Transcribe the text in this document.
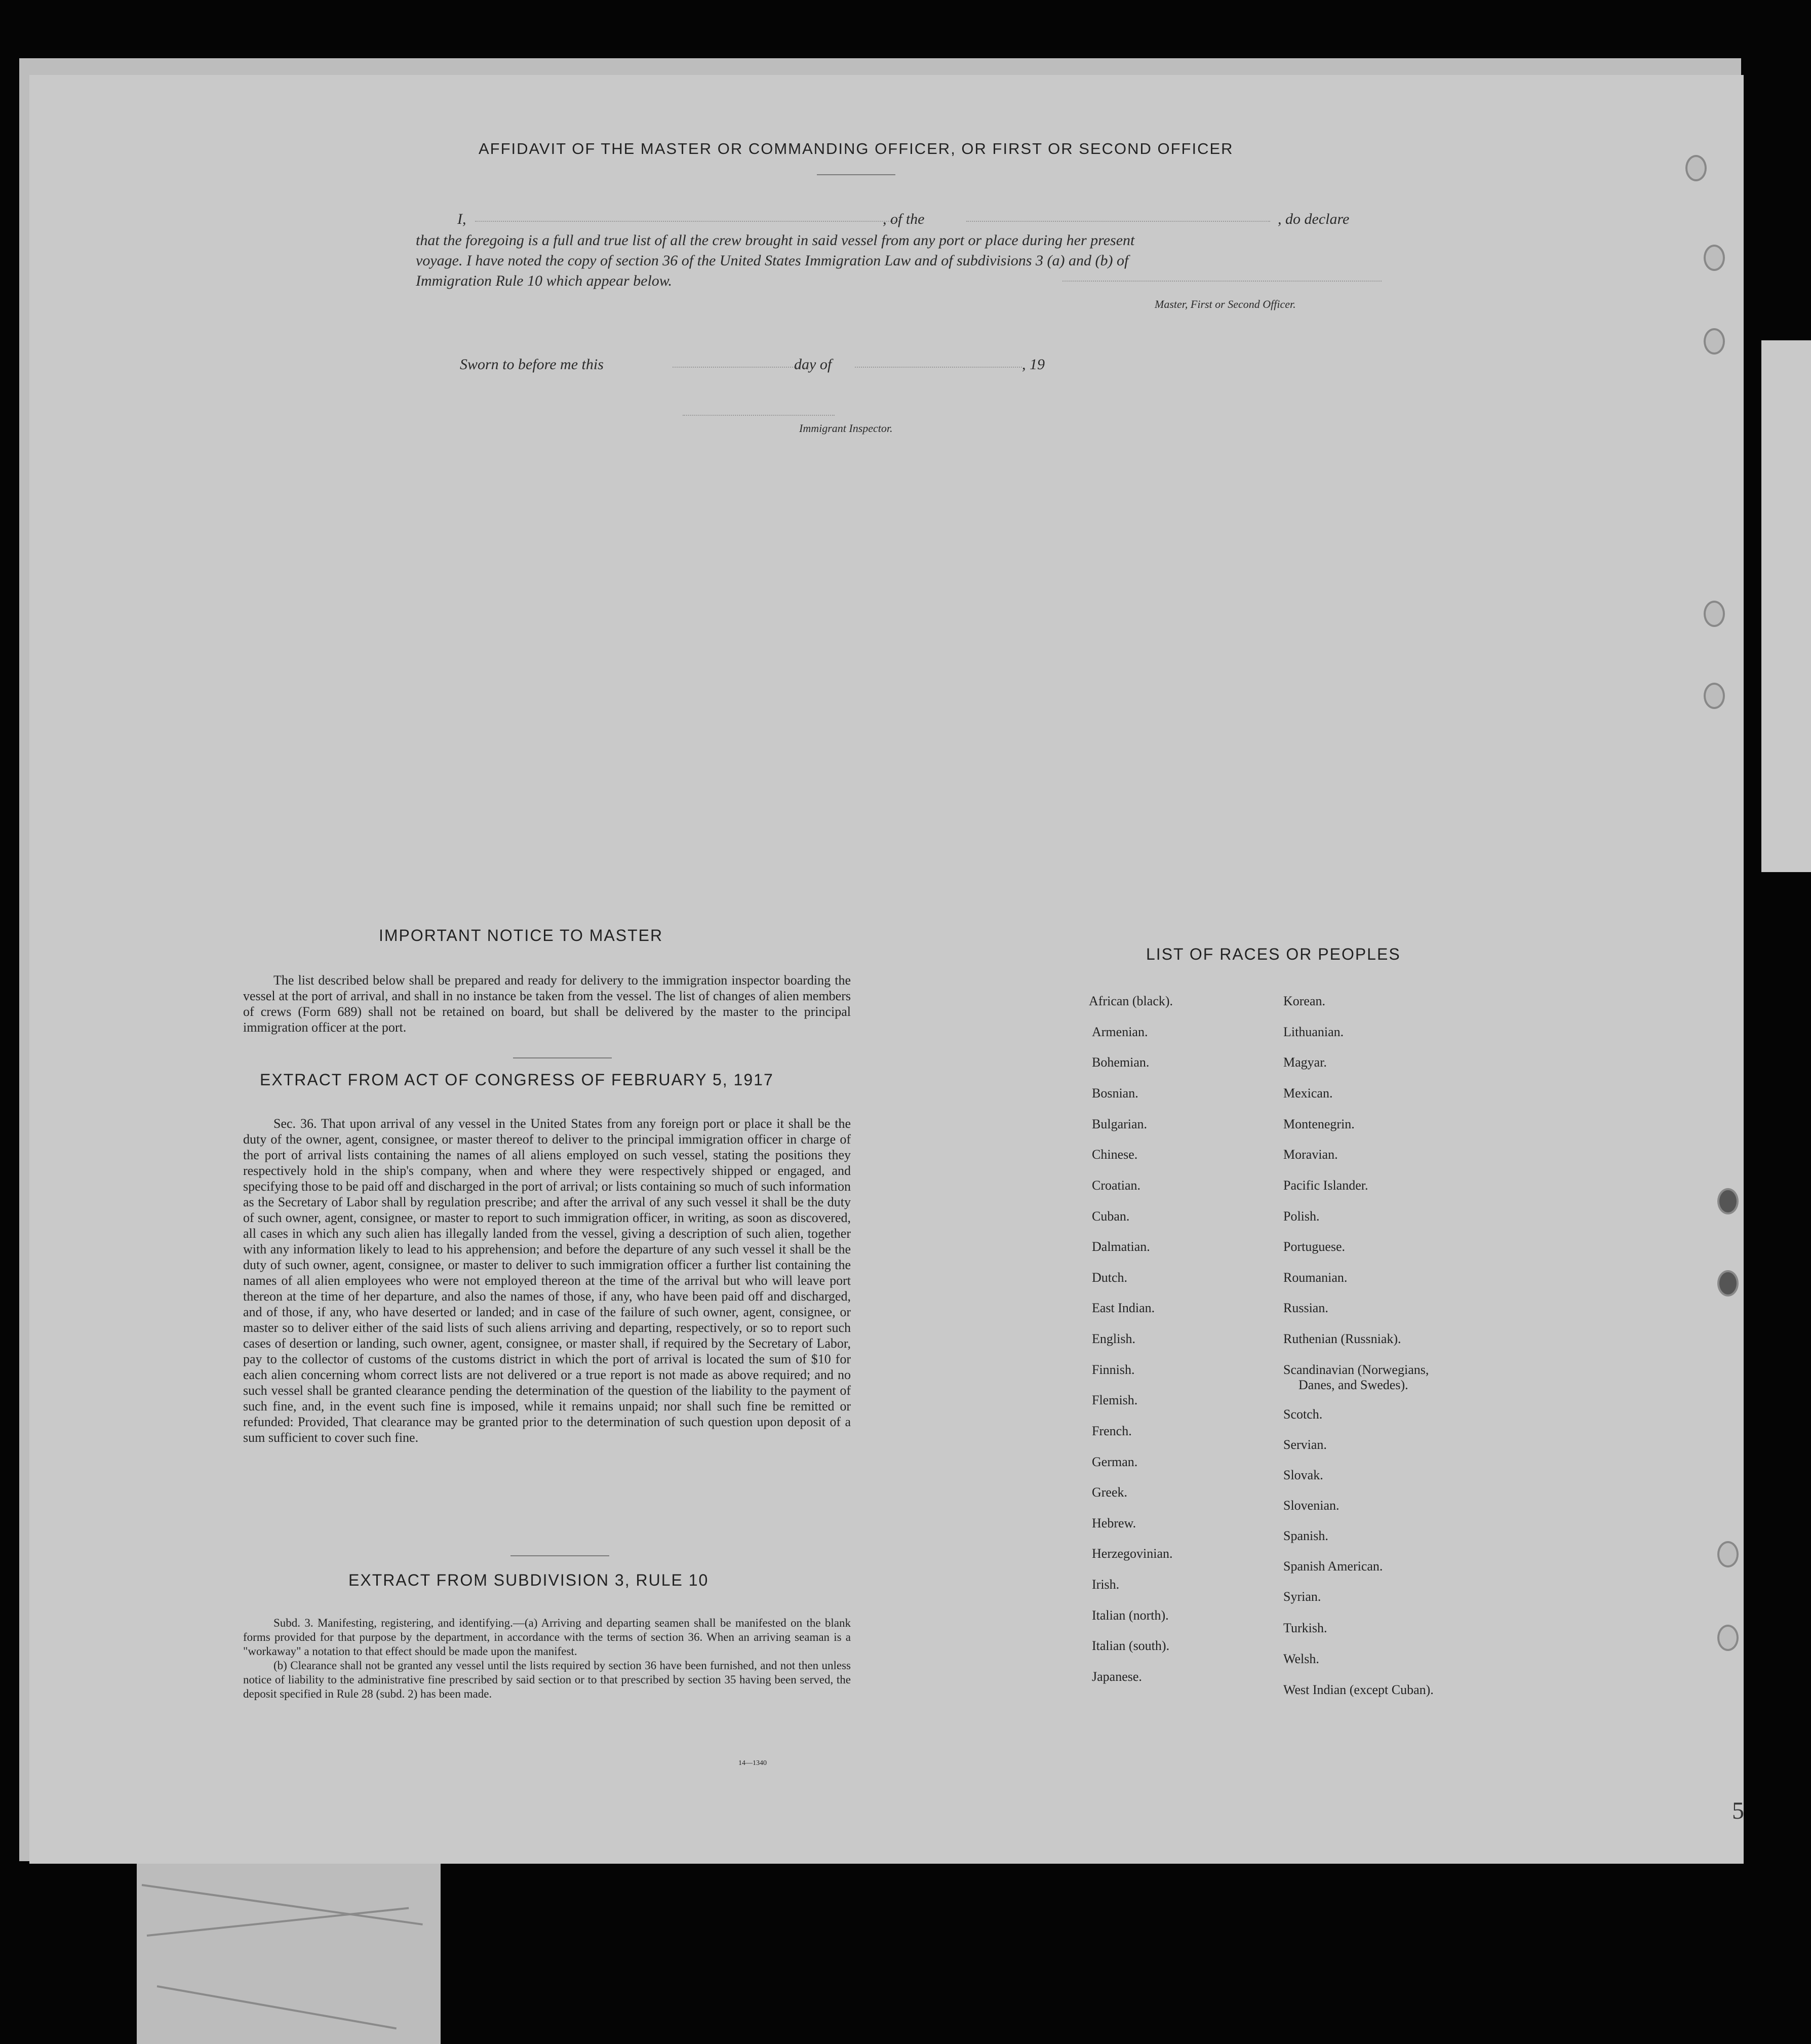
AFFIDAVIT OF THE MASTER OR COMMANDING OFFICER, OR FIRST OR SECOND OFFICER
I,	, of the	, do declare
that the foregoing is a full and true list of all the crew brought in said vessel from any port or place during her present
voyage. I have noted the copy of section 36 of the United States Immigration Law and of subdivisions 3 (a) and (b) of
Immigration Rule 10 which appear below.
Master, First or Second Officer.
Sworn to before me this	day of	, 19
Immigrant Inspector.
IMPORTANT NOTICE TO MASTER

The list described below shall be prepared and ready for delivery to the immigration inspector boarding the vessel at the port of arrival, and shall in no instance be taken from the vessel. The list of changes of alien members of crews (Form 689) shall not be retained on board, but shall be delivered by the master to the principal immigration officer at the port.

EXTRACT FROM ACT OF CONGRESS OF FEBRUARY 5, 1917

Sec. 36. That upon arrival of any vessel in the United States from any foreign port or place it shall be the duty of the owner, agent, consignee, or master thereof to deliver to the principal immigration officer in charge of the port of arrival lists containing the names of all aliens employed on such vessel, stating the positions they respectively hold in the ship's company, when and where they were respectively shipped or engaged, and specifying those to be paid off and discharged in the port of arrival; or lists containing so much of such information as the Secretary of Labor shall by regulation prescribe; and after the arrival of any such vessel it shall be the duty of such owner, agent, consignee, or master to report to such immigration officer, in writing, as soon as discovered, all cases in which any such alien has illegally landed from the vessel, giving a description of such alien, together with any information likely to lead to his apprehension; and before the departure of any such vessel it shall be the duty of such owner, agent, consignee, or master to deliver to such immigration officer a further list containing the names of all alien employees who were not employed thereon at the time of the arrival but who will leave port thereon at the time of her departure, and also the names of those, if any, who have been paid off and discharged, and of those, if any, who have deserted or landed; and in case of the failure of such owner, agent, consignee, or master so to deliver either of the said lists of such aliens arriving and departing, respectively, or so to report such cases of desertion or landing, such owner, agent, consignee, or master shall, if required by the Secretary of Labor, pay to the collector of customs of the customs district in which the port of arrival is located the sum of $10 for each alien concerning whom correct lists are not delivered or a true report is not made as above required; and no such vessel shall be granted clearance pending the determination of the question of the liability to the payment of such fine, and, in the event such fine is imposed, while it remains unpaid; nor shall such fine be remitted or refunded: Provided, That clearance may be granted prior to the determination of such question upon deposit of a sum sufficient to cover such fine.

EXTRACT FROM SUBDIVISION 3, RULE 10

Subd. 3. Manifesting, registering, and identifying.—(a) Arriving and departing seamen shall be manifested on the blank forms provided for that purpose by the department, in accordance with the terms of section 36. When an arriving seaman is a "workaway" a notation to that effect should be made upon the manifest.

(b) Clearance shall not be granted any vessel until the lists required by section 36 have been furnished, and not then unless notice of liability to the administrative fine prescribed by said section or to that prescribed by section 35 having been served, the deposit specified in Rule 28 (subd. 2) has been made.

14—1340
LIST OF RACES OR PEOPLES
African (black).
Armenian.
Bohemian.
Bosnian.
Bulgarian.
Chinese.
Croatian.
Cuban.
Dalmatian.
Dutch.
East Indian.
English.
Finnish.
Flemish.
French.
German.
Greek.
Hebrew.
Herzegovinian.
Irish.
Italian (north).
Italian (south).
Japanese.
Korean.
Lithuanian.
Magyar.
Mexican.
Montenegrin.
Moravian.
Pacific Islander.
Polish.
Portuguese.
Roumanian.
Russian.
Ruthenian (Russniak).
Scandinavian (Norwegians,
Danes, and Swedes).
Scotch.
Servian.
Slovak.
Slovenian.
Spanish.
Spanish American.
Syrian.
Turkish.
Welsh.
West Indian (except Cuban).
5
